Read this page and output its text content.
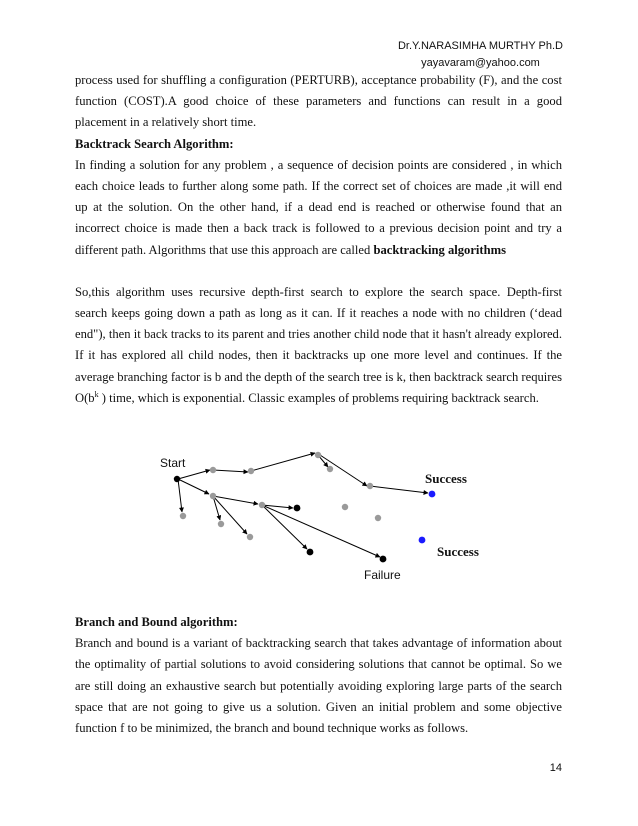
Dr.Y.NARASIMHA MURTHY Ph.D
yayavaram@yahoo.com

process used for shuffling a configuration (PERTURB), acceptance probability (F), and the cost function (COST).A good choice of these parameters and functions can result in a good placement in a relatively short time.

Backtrack Search Algorithm:

In finding a solution for any problem , a sequence of decision points are considered , in which each choice leads to further along some path. If the correct set of choices are made ,it will end up at the solution. On the other hand, if a dead end is reached or otherwise found that an incorrect choice is made then a back track is followed to a previous decision point and try a different path. Algorithms that use this approach are called backtracking algorithms

So,this algorithm uses recursive depth-first search to explore the search space. Depth-first search keeps going down a path as long as it can. If it reaches a node with no children (‘dead end"), then it back tracks to its parent and tries another child node that it hasn't already explored. If it has explored all child nodes, then it backtracks up one more level and continues. If the average branching factor is b and the depth of the search tree is k, then backtrack search requires $O(b^k$ ) time, which is exponential. Classic examples of problems requiring backtrack search.

Start
Success
Success
Failure

Branch and Bound algorithm:

Branch and bound is a variant of backtracking search that takes advantage of information about the optimality of partial solutions to avoid considering solutions that cannot be optimal. So we are still doing an exhaustive search but potentially avoiding exploring large parts of the search space that are not going to give us a solution. Given an initial problem and some objective function f to be minimized, the branch and bound technique works as follows.

14
